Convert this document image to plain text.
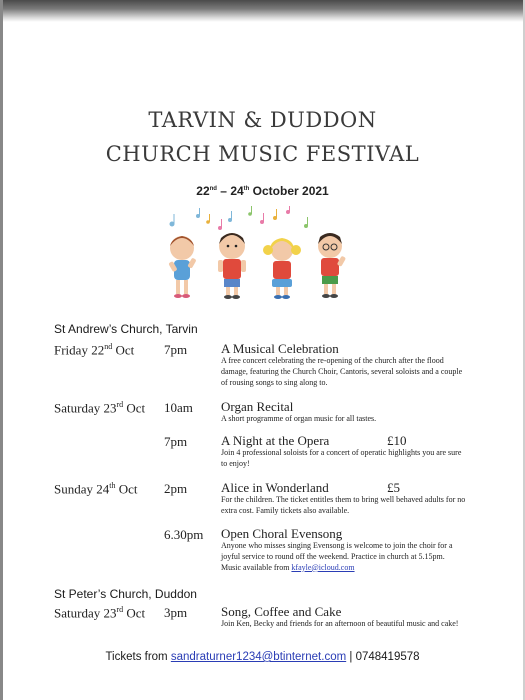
TARVIN & DUDDON
CHURCH MUSIC FESTIVAL
22nd – 24th October 2021
St Andrew’s Church, Tarvin
Friday 22nd Oct 7pm	A Musical Celebration
A free concert celebrating the re-opening of the church after the flood damage, featuring the Church Choir, Cantoris, several soloists and a couple of rousing songs to sing along to.
Saturday 23rd Oct 10am Organ Recital
A short programme of organ music for all tastes.
7pm	A Night at the Opera	£10
Join 4 professional soloists for a concert of operatic highlights you are sure to enjoy!
Sunday 24th Oct 2pm	Alice in Wonderland	£5
For the children. The ticket entitles them to bring well behaved adults for no extra cost. Family tickets also available.
6.30pm Open Choral Evensong
Anyone who misses singing Evensong is welcome to join the choir for a joyful service to round off the weekend. Practice in church at 5.15pm. Music available from kfayle@icloud.com
St Peter’s Church, Duddon
Saturday 23rd Oct 3pm	Song, Coffee and Cake
Join Ken, Becky and friends for an afternoon of beautiful music and cake!
Tickets from sandraturner1234@btinternet.com | 0748419578
